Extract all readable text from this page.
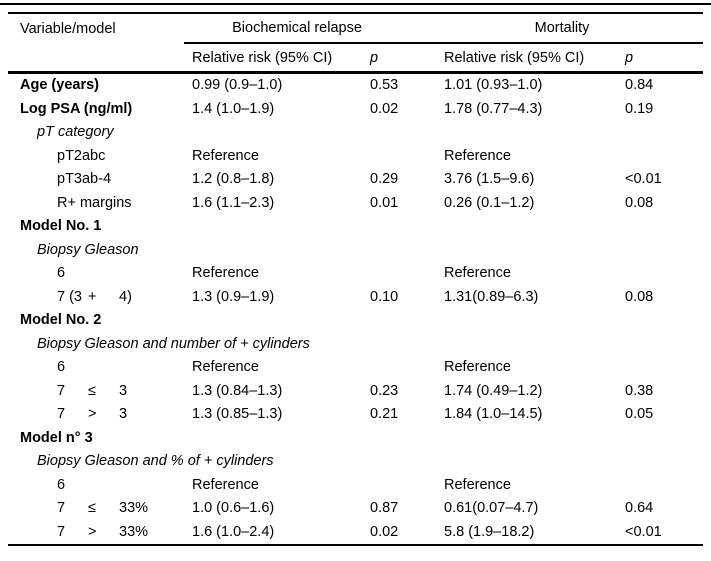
Variable/model	Biochemical relapse		Mortality	
	Relative risk (95% CI)	p	Relative risk (95% CI)	p
Age (years)	0.99 (0.9–1.0)	0.53	1.01 (0.93–1.0)	0.84
Log PSA (ng/ml)	1.4 (1.0–1.9)	0.02	1.78 (0.77–4.3)	0.19
pT category				
pT2abc	Reference		Reference	
pT3ab-4	1.2 (0.8–1.8)	0.29	3.76 (1.5–9.6)	<0.01
R+ margins	1.6 (1.1–2.3)	0.01	0.26 (0.1–1.2)	0.08
Model No. 1				
Biopsy Gleason				
6	Reference		Reference	
7 (3 + 4)	1.3 (0.9–1.9)	0.10	1.31(0.89–6.3)	0.08
Model No. 2				
Biopsy Gleason and number of + cylinders				
6	Reference		Reference	
7 ≤ 3	1.3 (0.84–1.3)	0.23	1.74 (0.49–1.2)	0.38
7 > 3	1.3 (0.85–1.3)	0.21	1.84 (1.0–14.5)	0.05
Model n° 3				
Biopsy Gleason and % of + cylinders				
6	Reference		Reference	
7 ≤ 33%	1.0 (0.6–1.6)	0.87	0.61(0.07–4.7)	0.64
7 > 33%	1.6 (1.0–2.4)	0.02	5.8 (1.9–18.2)	<0.01
